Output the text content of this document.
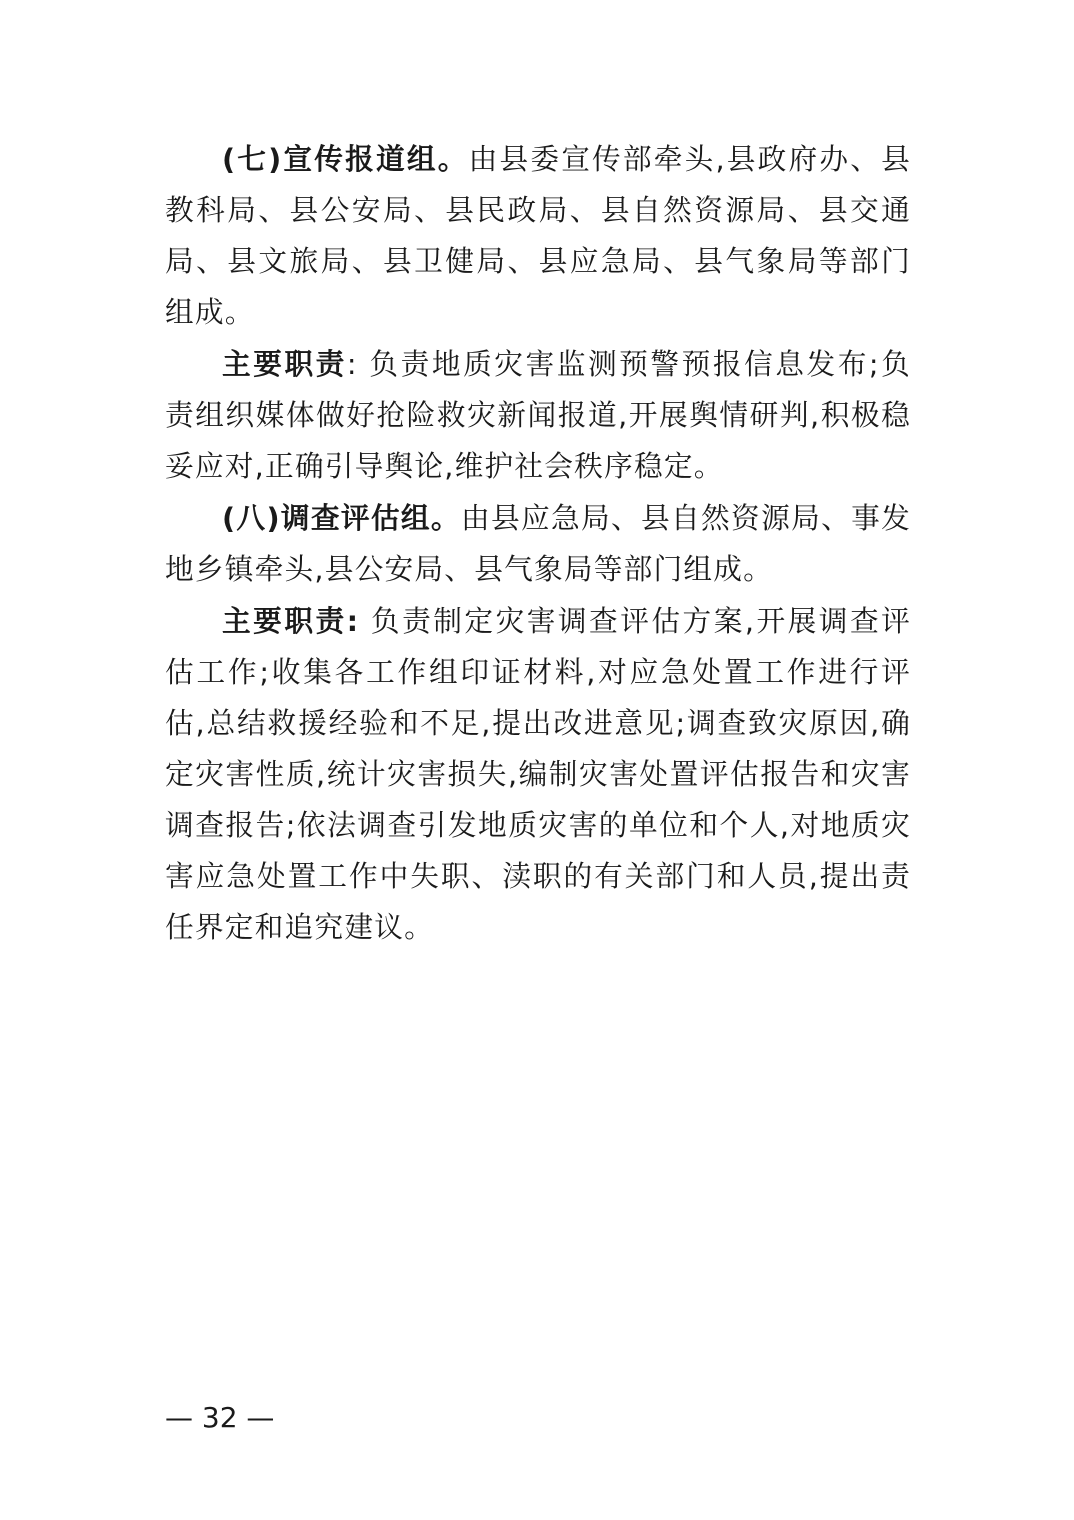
(七)宣传报道组。由县委宣传部牵头,县政府办、县教科局、县公安局、县民政局、县自然资源局、县交通局、县文旅局、县卫健局、县应急局、县气象局等部门组成。

主要职责: 负责地质灾害监测预警预报信息发布;负责组织媒体做好抢险救灾新闻报道,开展舆情研判,积极稳妥应对,正确引导舆论,维护社会秩序稳定。

(八)调查评估组。由县应急局、县自然资源局、事发地乡镇牵头,县公安局、县气象局等部门组成。

主要职责: 负责制定灾害调查评估方案,开展调查评估工作;收集各工作组印证材料,对应急处置工作进行评估,总结救援经验和不足,提出改进意见;调查致灾原因,确定灾害性质,统计灾害损失,编制灾害处置评估报告和灾害调查报告;依法调查引发地质灾害的单位和个人,对地质灾害应急处置工作中失职、渎职的有关部门和人员,提出责任界定和追究建议。

— 32 —
